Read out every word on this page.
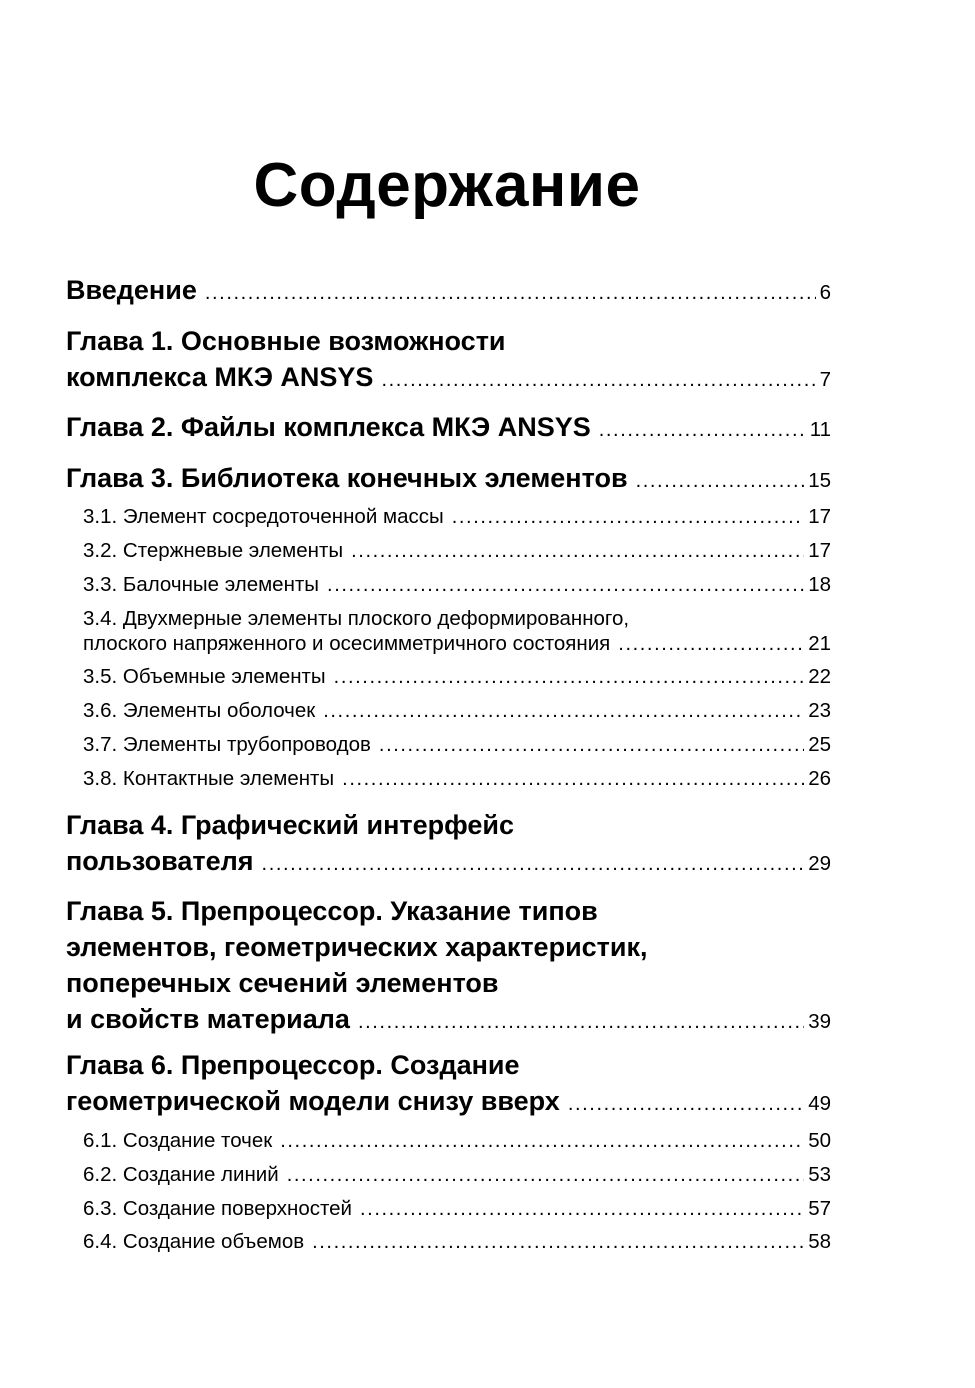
Содержание
Введение .....	6
Глава 1. Основные возможности
комплекса МКЭ ANSYS .....	7
Глава 2. Файлы комплекса МКЭ ANSYS .....	11
Глава 3. Библиотека конечных элементов .....	15
3.1. Элемент сосредоточенной массы .....	17
3.2. Стержневые элементы .....	17
3.3. Балочные элементы .....	18
3.4. Двухмерные элементы плоского деформированного,
плоского напряженного и осесимметричного состояния .....	21
3.5. Объемные элементы .....	22
3.6. Элементы оболочек .....	23
3.7. Элементы трубопроводов .....	25
3.8. Контактные элементы .....	26
Глава 4. Графический интерфейс
пользователя .....	29
Глава 5. Препроцессор. Указание типов
элементов, геометрических характеристик,
поперечных сечений элементов
и свойств материала .....	39
Глава 6. Препроцессор. Создание
геометрической модели снизу вверх .....	49
6.1. Создание точек .....	50
6.2. Создание линий .....	53
6.3. Создание поверхностей .....	57
6.4. Создание объемов .....	58
